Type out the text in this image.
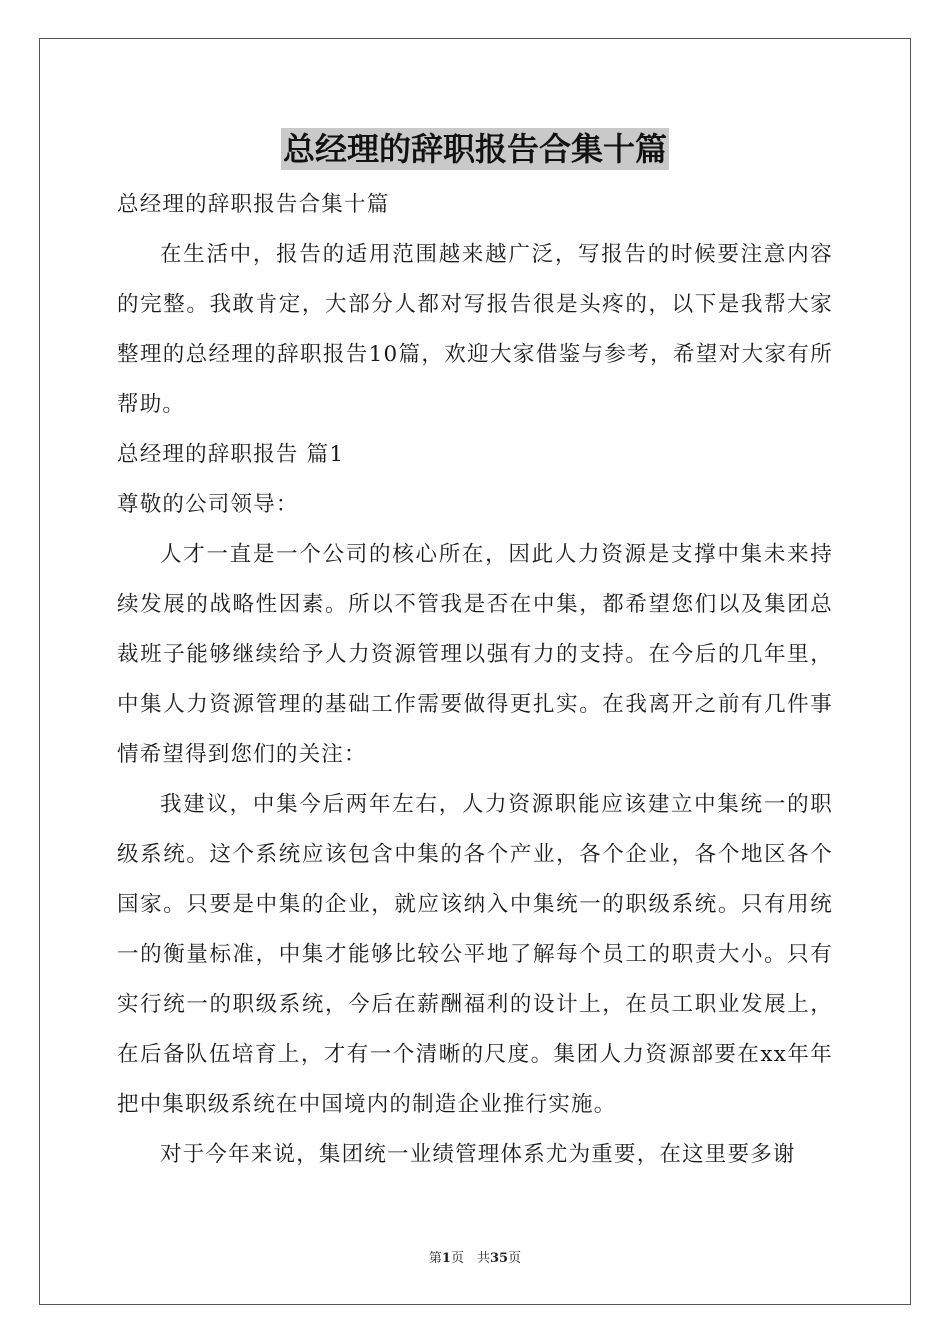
总经理的辞职报告合集十篇

总经理的辞职报告合集十篇

在生活中，报告的适用范围越来越广泛，写报告的时候要注意内容的完整。我敢肯定，大部分人都对写报告很是头疼的，以下是我帮大家整理的总经理的辞职报告10篇，欢迎大家借鉴与参考，希望对大家有所帮助。

总经理的辞职报告 篇1

尊敬的公司领导：

人才一直是一个公司的核心所在，因此人力资源是支撑中集未来持续发展的战略性因素。所以不管我是否在中集，都希望您们以及集团总裁班子能够继续给予人力资源管理以强有力的支持。在今后的几年里，中集人力资源管理的基础工作需要做得更扎实。在我离开之前有几件事情希望得到您们的关注：

我建议，中集今后两年左右，人力资源职能应该建立中集统一的职级系统。这个系统应该包含中集的各个产业，各个企业，各个地区各个国家。只要是中集的企业，就应该纳入中集统一的职级系统。只有用统一的衡量标准，中集才能够比较公平地了解每个员工的职责大小。只有实行统一的职级系统，今后在薪酬福利的设计上，在员工职业发展上，在后备队伍培育上，才有一个清晰的尺度。集团人力资源部要在xx年年把中集职级系统在中国境内的制造企业推行实施。

对于今年来说，集团统一业绩管理体系尤为重要，在这里要多谢

第1页　共35页
